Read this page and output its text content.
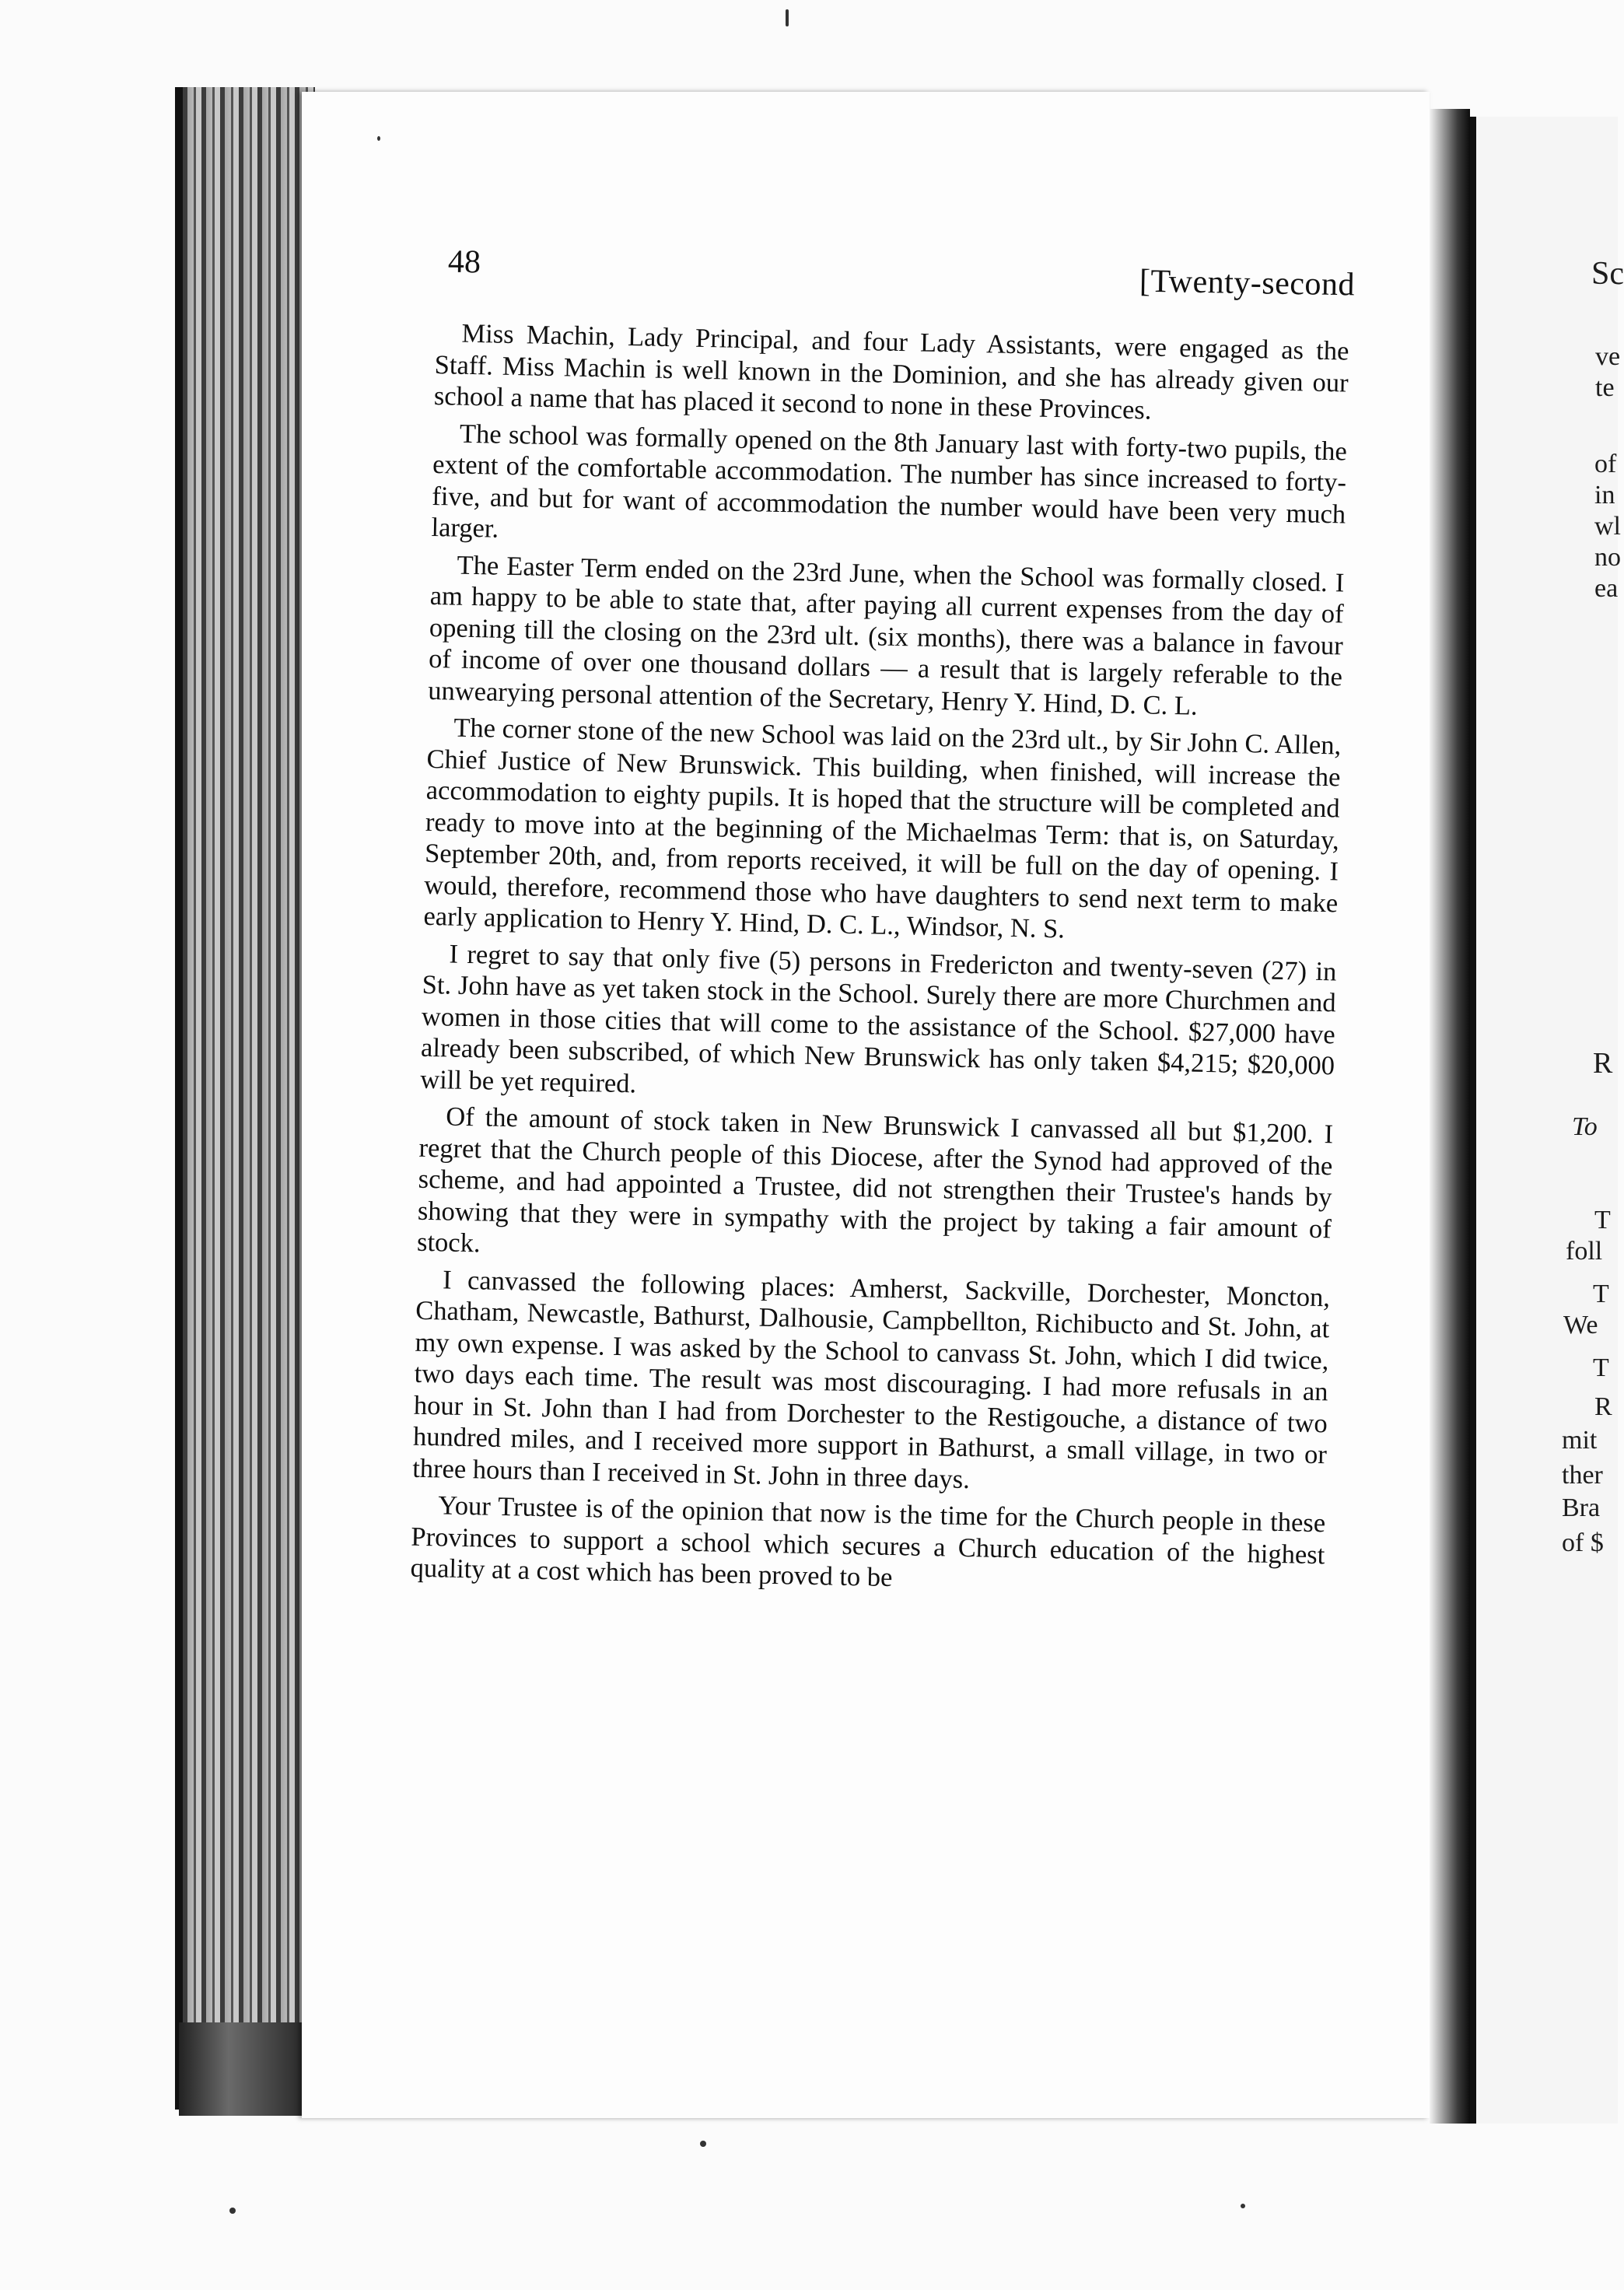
48
[Twenty-second

Miss Machin, Lady Principal, and four Lady Assistants, were engaged as the Staff. Miss Machin is well known in the Dominion, and she has already given our school a name that has placed it second to none in these Provinces.

The school was formally opened on the 8th January last with forty-two pupils, the extent of the comfortable accommodation. The number has since increased to forty-five, and but for want of accommodation the number would have been very much larger.

The Easter Term ended on the 23rd June, when the School was formally closed. I am happy to be able to state that, after paying all current expenses from the day of opening till the closing on the 23rd ult. (six months), there was a balance in favour of income of over one thousand dollars — a result that is largely referable to the unwearying personal attention of the Secretary, Henry Y. Hind, D. C. L.

The corner stone of the new School was laid on the 23rd ult., by Sir John C. Allen, Chief Justice of New Brunswick. This building, when finished, will increase the accommodation to eighty pupils. It is hoped that the structure will be completed and ready to move into at the beginning of the Michaelmas Term: that is, on Saturday, September 20th, and, from reports received, it will be full on the day of opening. I would, therefore, recommend those who have daughters to send next term to make early application to Henry Y. Hind, D. C. L., Windsor, N. S.

I regret to say that only five (5) persons in Fredericton and twenty-seven (27) in St. John have as yet taken stock in the School. Surely there are more Churchmen and women in those cities that will come to the assistance of the School. $27,000 have already been subscribed, of which New Brunswick has only taken $4,215; $20,000 will be yet required.

Of the amount of stock taken in New Brunswick I canvassed all but $1,200. I regret that the Church people of this Diocese, after the Synod had approved of the scheme, and had appointed a Trustee, did not strengthen their Trustee's hands by showing that they were in sympathy with the project by taking a fair amount of stock.

I canvassed the following places: Amherst, Sackville, Dorchester, Moncton, Chatham, Newcastle, Bathurst, Dalhousie, Campbellton, Richibucto and St. John, at my own expense. I was asked by the School to canvass St. John, which I did twice, two days each time. The result was most discouraging. I had more refusals in an hour in St. John than I had from Dorchester to the Restigouche, a distance of two hundred miles, and I received more support in Bathurst, a small village, in two or three hours than I received in St. John in three days.

Your Trustee is of the opinion that now is the time for the Church people in these Provinces to support a school which secures a Church education of the highest quality at a cost which has been proved to be

Sc
ve
te
of
in
wl
no
ea
R
To
T
foll
T
We
T
R
mit
ther
Bra
of $
